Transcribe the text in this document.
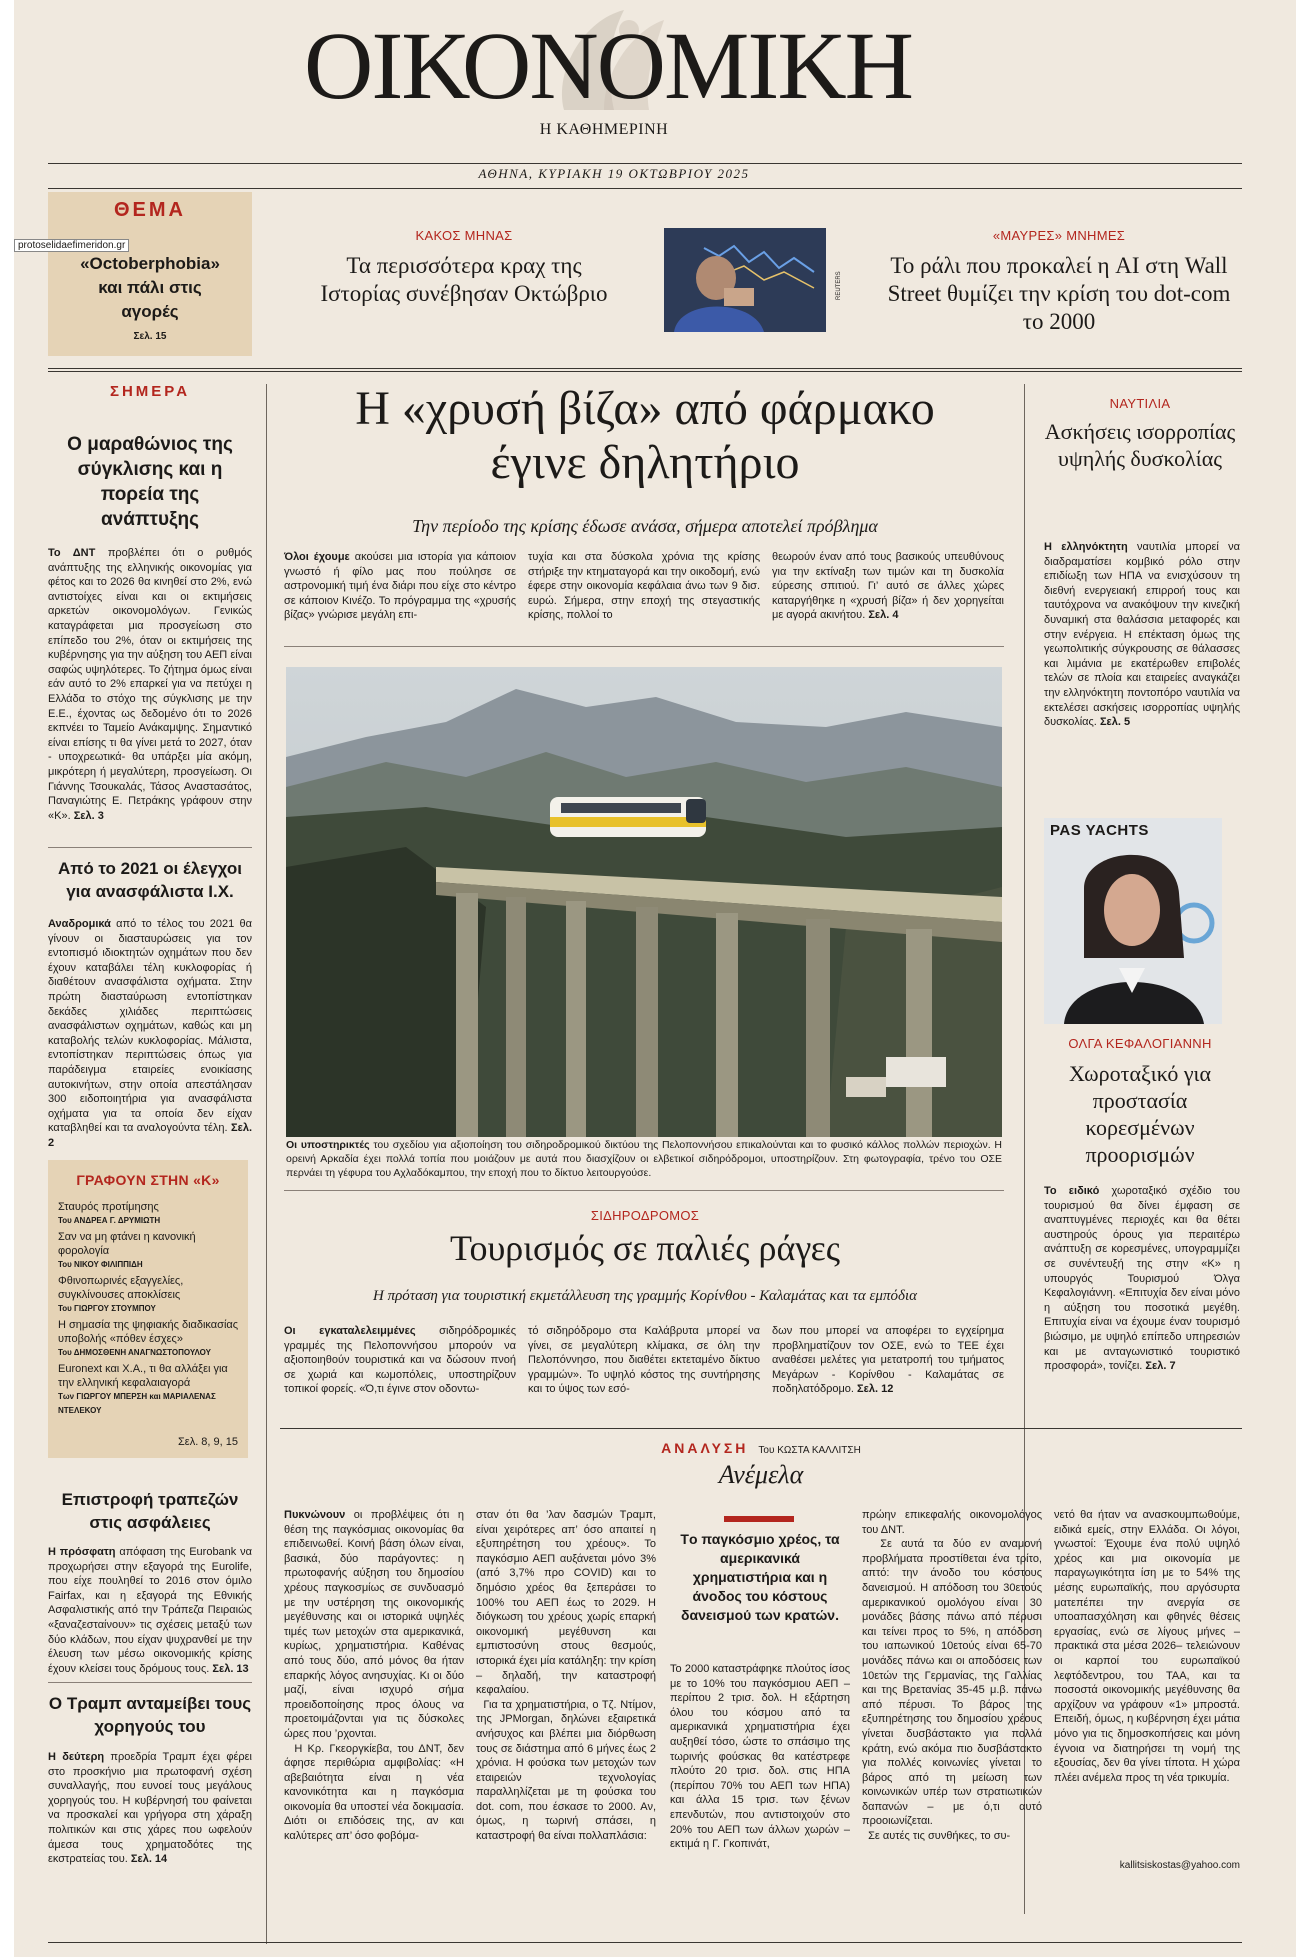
ΟΙΚΟΝΟΜΙΚΗ
Η ΚΑΘΗΜΕΡΙΝΗ
ΑΘΗΝΑ, ΚΥΡΙΑΚΗ 19 ΟΚΤΩΒΡΙΟΥ 2025
ΘΕΜΑ
«Octoberphobia» και πάλι στις αγορές
Σελ. 15
protoselidaefimeridon.gr
ΚΑΚΟΣ ΜΗΝΑΣ
Τα περισσότερα κραχ της Ιστορίας συνέβησαν Οκτώβριο	REUTERS
«ΜΑΥΡΕΣ» ΜΝΗΜΕΣ
Το ράλι που προκαλεί η AI στη Wall Street θυμίζει την κρίση του dot-com το 2000
ΣΗΜΕΡΑ
Ο μαραθώνιος της σύγκλισης και η πορεία της ανάπτυξης

Το ΔΝΤ προβλέπει ότι ο ρυθμός ανάπτυξης της ελληνικής οικονομίας για φέτος και το 2026 θα κινηθεί στο 2%, ενώ αντιστοίχες είναι και οι εκτιμήσεις αρκετών οικονομολόγων. Γενικώς καταγράφεται μια προσγείωση στο επίπεδο του 2%, όταν οι εκτιμήσεις της κυβέρνησης για την αύξηση του ΑΕΠ είναι σαφώς υψηλότερες. Το ζήτημα όμως είναι εάν αυτό τo 2% επαρκεί για να πετύχει η Ελλάδα το στόχο της σύγκλισης με την Ε.Ε., έχοντας ως δεδομένο ότι το 2026 εκπνέει το Ταμείο Ανάκαμψης. Σημαντικό είναι επίσης τι θα γίνει μετά το 2027, όταν - υποχρεωτικά- θα υπάρξει μία ακόμη, μικρότερη ή μεγαλύτερη, προσγείωση. Οι Γιάννης Τσουκαλάς, Τάσος Αναστασάτος, Παναγιώτης Ε. Πετράκης γράφουν στην «Κ». Σελ. 3

Από το 2021 οι έλεγχοι για ανασφάλιστα Ι.Χ.

Αναδρομικά από το τέλος του 2021 θα γίνουν οι διασταυρώσεις για τον εντοπισμό ιδιοκτητών οχημάτων που δεν έχουν καταβάλει τέλη κυκλοφορίας ή διαθέτουν ανασφάλιστα οχήματα. Στην πρώτη διασταύρωση εντοπίστηκαν δεκάδες χιλιάδες περιπτώσεις ανασφάλιστων οχημάτων, καθώς και μη καταβολής τελών κυκλοφορίας. Μάλιστα, εντοπίστηκαν περιπτώσεις όπως για παράδειγμα εταιρείες ενοικίασης αυτοκινήτων, στην οποία απεστάλησαν 300 ειδοποιητήρια για ανασφάλιστα οχήματα για τα οποία δεν είχαν καταβληθεί και τα αναλογούντα τέλη. Σελ. 2

ΓΡΑΦΟΥΝ ΣΤΗΝ «Κ»
Σταυρός προτίμησης
Του ΑΝΔΡΕΑ Γ. ΔΡΥΜΙΩΤΗ
Σαν να μη φτάνει η κανονική φορολογία
Του ΝΙΚΟΥ ΦΙΛΙΠΠΙΔΗ
Φθινοπωρινές εξαγγελίες, συγκλίνουσες αποκλίσεις
Του ΓΙΩΡΓΟΥ ΣΤΟΥΜΠΟΥ
Η σημασία της ψηφιακής διαδικασίας υποβολής «πόθεν έσχες»
Του ΔΗΜΟΣΘΕΝΗ ΑΝΑΓΝΩΣΤΟΠΟΥΛΟΥ
Euronext και Χ.Α., τι θα αλλάξει για την ελληνική κεφαλαιαγορά
Των ΓΙΩΡΓΟΥ ΜΠΕΡΣΗ και ΜΑΡΙΑΛΕΝΑΣ ΝΤΕΛΕΚΟΥ
Σελ. 8, 9, 15
Επιστροφή τραπεζών στις ασφάλειες

Η πρόσφατη απόφαση της Eurobank να προχωρήσει στην εξαγορά της Eurolife, που είχε πουληθεί το 2016 στον όμιλο Fairfax, και η εξαγορά της Εθνικής Ασφαλιστικής από την Τράπεζα Πειραιώς «ξαναζεσταίνουν» τις σχέσεις μεταξύ των δύο κλάδων, που είχαν ψυχρανθεί με την έλευση των μέσω οικονομικής κρίσης έχουν κλείσει τους δρόμους τους. Σελ. 13

Ο Τραμπ ανταμείβει τους χορηγούς του

Η δεύτερη προεδρία Τραμπ έχει φέρει στο προσκήνιο μια πρωτοφανή σχέση συναλλαγής, που ευνοεί τους μεγάλους χορηγούς του. Η κυβέρνησή του φαίνεται να προσκαλεί και γρήγορα στη χάραξη πολιτικών και στις χάρες που ωφελούν άμεσα τους χρηματοδότες της εκστρατείας του. Σελ. 14

Η «χρυσή βίζα» από φάρμακο
έγινε δηλητήριο
Την περίοδο της κρίσης έδωσε ανάσα, σήμερα αποτελεί πρόβλημα

Όλοι έχουμε ακούσει μια ιστορία για κάποιον γνωστό ή φίλο μας που πούλησε σε αστρονομική τιμή ένα διάρι που είχε στο κέντρο σε κάποιον Κινέζο. Το πρόγραμμα της «χρυσής βίζας» γνώρισε μεγάλη επι-

τυχία και στα δύσκολα χρόνια της κρίσης στήριξε την κτηματαγορά και την οικοδομή, ενώ έφερε στην οικονομία κεφάλαια άνω των 9 δισ. ευρώ. Σήμερα, στην εποχή της στεγαστικής κρίσης, πολλοί το

θεωρούν έναν από τους βασικούς υπευθύνους για την εκτίναξη των τιμών και τη δυσκολία εύρεσης σπιτιού. Γι’ αυτό σε άλλες χώρες καταργήθηκε η «χρυσή βίζα» ή δεν χορηγείται με αγορά ακινήτου. Σελ. 4

Οι υποστηρικτές του σχεδίου για αξιοποίηση του σιδηροδρομικού δικτύου της Πελοποννήσου επικαλούνται και το φυσικό κάλλος πολλών περιοχών. Η ορεινή Αρκαδία έχει πολλά τοπία που μοιάζουν με αυτά που διασχίζουν οι ελβετικοί σιδηρόδρομοι, υποστηρίζουν. Στη φωτογραφία, τρένο του ΟΣΕ περνάει τη γέφυρα του Αχλαδόκαμπου, την εποχή που το δίκτυο λειτουργούσε.

ΣΙΔΗΡΟΔΡΟΜΟΣ
Τουρισμός σε παλιές ράγες
Η πρόταση για τουριστική εκμετάλλευση της γραμμής Κορίνθου - Καλαμάτας και τα εμπόδια

Οι εγκαταλελειμμένες σιδηρόδρομικές γραμμές της Πελοποννήσου μπορούν να αξιοποιηθούν τουριστικά και να δώσουν πνοή σε χωριά και κωμοπόλεις, υποστηρίζουν τοπικοί φορείς. «Ό,τι έγινε στον οδοντω-

τό σιδηρόδρομο στα Καλάβρυτα μπορεί να γίνει, σε μεγαλύτερη κλίμακα, σε όλη την Πελοπόννησο, που διαθέτει εκτεταμένο δίκτυο γραμμών». Το υψηλό κόστος της συντήρησης και το ύψος των εσό-

δων που μπορεί να αποφέρει το εγχείρημα προβληματίζουν τον ΟΣΕ, ενώ το ΤΕΕ έχει αναθέσει μελέτες για μετατροπή του τμήματος Μεγάρων - Κορίνθου - Καλαμάτας σε ποδηλατόδρομο. Σελ. 12

ΝΑΥΤΙΛΙΑ
Ασκήσεις ισορροπίας υψηλής δυσκολίας

Η ελληνόκτητη ναυτιλία μπορεί να διαδραματίσει κομβικό ρόλο στην επιδίωξη των ΗΠΑ να ενισχύσουν τη διεθνή ενεργειακή επιρροή τους και ταυτόχρονα να ανακόψουν την κινεζική δυναμική στα θαλάσσια μεταφορές και στην ενέργεια. Η επέκταση όμως της γεωπολιτικής σύγκρουσης σε θάλασσες και λιμάνια με εκατέρωθεν επιβολές τελών σε πλοία και εταιρείες αναγκάζει την ελληνόκτητη ποντοπόρο ναυτιλία να εκτελέσει ασκήσεις ισορροπίας υψηλής δυσκολίας. Σελ. 5

PAS YACHTS
ΟΛΓΑ ΚΕΦΑΛΟΓΙΑΝΝΗ
Χωροταξικό για προστασία κορεσμένων προορισμών

Το ειδικό χωροταξικό σχέδιο του τουρισμού θα δίνει έμφαση σε αναπτυγμένες περιοχές και θα θέτει αυστηρούς όρους για περαιτέρω ανάπτυξη σε κορεσμένες, υπογραμμίζει σε συνέντευξή της στην «Κ» η υπουργός Τουρισμού Όλγα Κεφαλογιάννη. «Επιτυχία δεν είναι μόνο η αύξηση του ποσοτικά μεγέθη. Επιτυχία είναι να έχουμε έναν τουρισμό βιώσιμο, με υψηλό επίπεδο υπηρεσιών και με ανταγωνιστικό τουριστικό προσφορά», τονίζει. Σελ. 7

ΑΝΑΛΥΣΗ Του ΚΩΣΤΑ ΚΑΛΛΙΤΣΗ
Ανέμελα

Πυκνώνουν οι προβλέψεις ότι η θέση της παγκόσμιας οικονομίας θα επιδεινωθεί. Κοινή βάση όλων είναι, βασικά, δύο παράγοντες: η πρωτοφανής αύξηση του δημοσίου χρέους παγκοσμίως σε συνδυασμό με την υστέρηση της οικονομικής μεγέθυνσης και οι ιστορικά υψηλές τιμές των μετοχών στα αμερικανικά, κυρίως, χρηματιστήρια. Καθένας από τους δύο, από μόνος θα ήταν επαρκής λόγος ανησυχίας. Κι οι δύο μαζί, είναι ισχυρό σήμα προειδοποίησης προς όλους να προετοιμάζονται για τις δύσκολες ώρες που ’ρχονται.
Η Κρ. Γκεοργκίεβα, του ΔΝΤ, δεν άφησε περιθώρια αμφιβολίας: «Η αβεβαιότητα είναι η νέα κανονικότητα και η παγκόσμια οικονομία θα υποστεί νέα δοκιμασία. Διότι οι επιδόσεις της, αν και καλύτερες απ’ όσο φοβόμα-

σταν ότι θα ’λαν δασμών Τραμπ, είναι χειρότερες απ’ όσο απαιτεί η εξυπηρέτηση του χρέους». Το παγκόσμιο ΑΕΠ αυξάνεται μόνο 3% (από 3,7% προ COVID) και το δημόσιο χρέος θα ξεπεράσει το 100% του ΑΕΠ έως το 2029. Η διόγκωση του χρέους χωρίς επαρκή οικονομική μεγέθυνση και εμπιστοσύνη στους θεσμούς, ιστορικά έχει μία κατάληξη: την κρίση – δηλαδή, την καταστροφή κεφαλαίου.
Για τα χρηματιστήρια, ο Τζ. Ντίμον, της JPMorgan, δηλώνει εξαιρετικά ανήσυχος και βλέπει μια διόρθωση τους σε διάστημα από 6 μήνες έως 2 χρόνια. Η φούσκα των μετοχών των εταιρειών τεχνολογίας παραλληλίζεται με τη φούσκα του dot. com, που έσκασε το 2000. Αν, όμως, η τωρινή σπάσει, η καταστροφή θα είναι πολλαπλάσια:

Τo παγκόσμιο χρέος, τα αμερικανικά χρηματιστήρια και η άνοδος του κόστους δανεισμού των κρατών.

Το 2000 καταστράφηκε πλούτος ίσος με το 10% του παγκόσμιου ΑΕΠ – περίπου 2 τρισ. δολ. Η εξάρτηση όλου του κόσμου από τα αμερικανικά χρηματιστήρια έχει αυξηθεί τόσο, ώστε το σπάσιμο της τωρινής φούσκας θα κατέστρεφε πλούτο 20 τρισ. δολ. στις ΗΠΑ (περίπου 70% του ΑΕΠ των ΗΠΑ) και άλλα 15 τρισ. των ξένων επενδυτών, που αντιστοιχούν στο 20% του ΑΕΠ των άλλων χωρών – εκτιμά η Γ. Γκοπινάτ,

πρώην επικεφαλής οικονομολόγος του ΔΝΤ.
Σε αυτά τα δύο εν αναμονή προβλήματα προστίθεται ένα τρίτο, απτό: την άνοδο του κόστους δανεισμού. Η απόδοση του 30ετούς αμερικανικού ομολόγου είναι 30 μονάδες βάσης πάνω από πέρυσι και τείνει προς το 5%, η απόδοση του ιαπωνικού 10ετούς είναι 65-70 μονάδες πάνω και οι αποδόσεις των 10ετών της Γερμανίας, της Γαλλίας και της Βρετανίας 35-45 μ.β. πάνω από πέρυσι. Το βάρος της εξυπηρέτησης του δημοσίου χρέους γίνεται δυσβάστακτο για πολλά κράτη, ενώ ακόμα πιο δυσβάστακτο για πολλές κοινωνίες γίνεται το βάρος από τη μείωση των κοινωνικών υπέρ των στρατιωτικών δαπανών – με ό,τι αυτό προοιωνίζεται.
Σε αυτές τις συνθήκες, το συ-

νετό θα ήταν να ανασκουμπωθούμε, ειδικά εμείς, στην Ελλάδα. Οι λόγοι, γνωστοί: Έχουμε ένα πολύ υψηλό χρέος και μια οικονομία με παραγωγικότητα ίση με το 54% της μέσης ευρωπαϊκής, που αργόσυρτα ματεπέπει την ανεργία σε υποαπασχόληση και φθηνές θέσεις εργασίας, ενώ σε λίγους μήνες –πρακτικά στα μέσα 2026– τελειώνουν οι καρποί του ευρωπαϊκού λεφτόδεντρου, του ΤΑΑ, και τα ποσοστά οικονομικής μεγέθυνσης θα αρχίζουν να γράφουν «1» μπροστά. Επειδή, όμως, η κυβέρνηση έχει μάτια μόνο για τις δημοσκοπήσεις και μόνη έγνοια να διατηρήσει τη νομή της εξουσίας, δεν θα γίνει τίποτα. Η χώρα πλέει ανέμελα προς τη νέα τρικυμία.

kallitsiskostas@yahoo.com
